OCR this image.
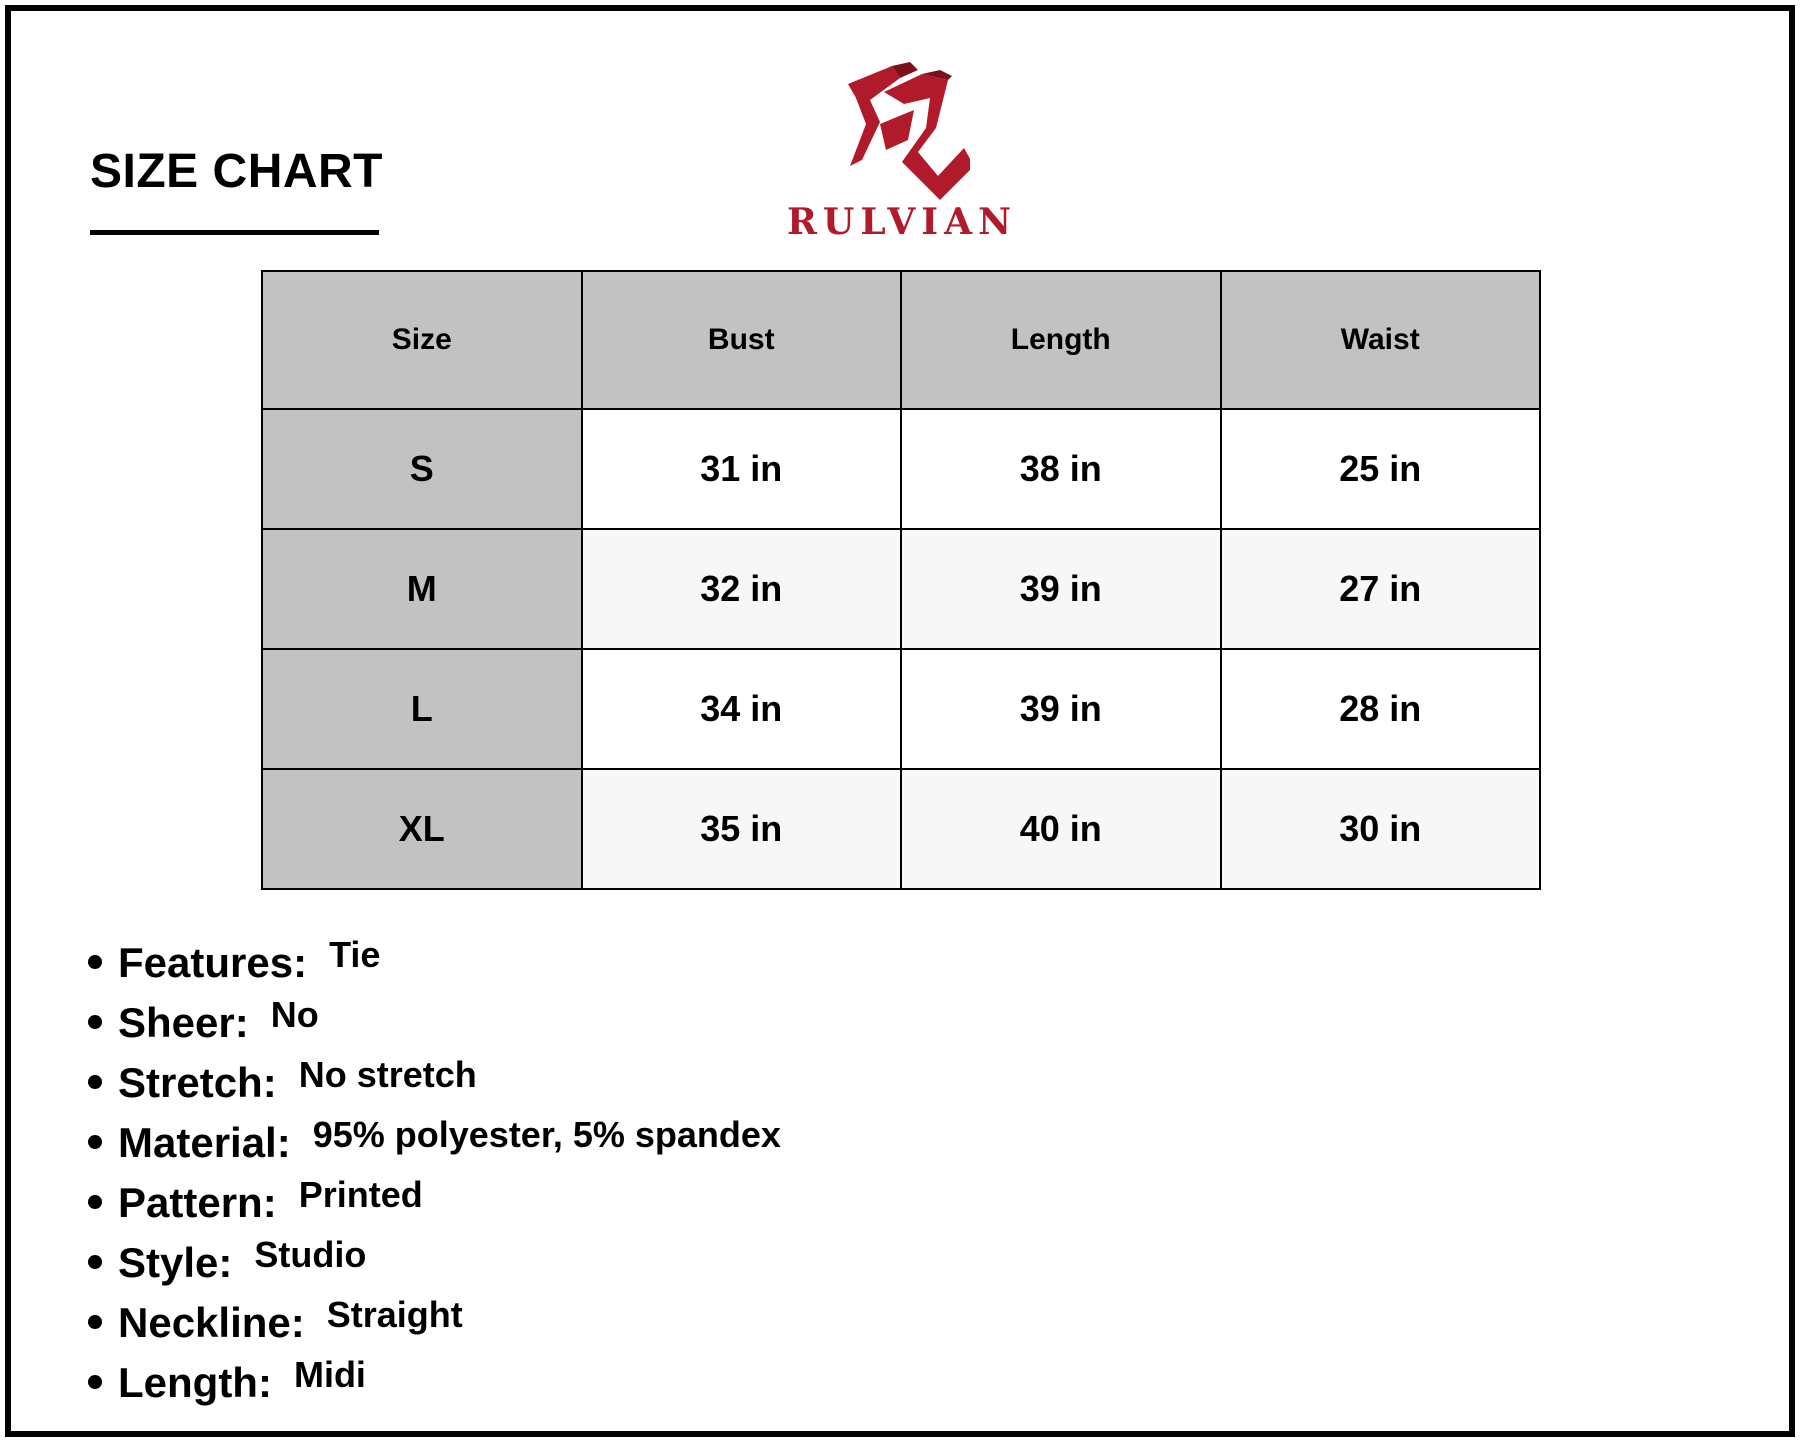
SIZE CHART
RULVIAN
Size	Bust	Length	Waist
S	31 in	38 in	25 in
M	32 in	39 in	27 in
L	34 in	39 in	28 in
XL	35 in	40 in	30 in
Features: Tie
Sheer: No
Stretch: No stretch
Material: 95% polyester, 5% spandex
Pattern: Printed
Style: Studio
Neckline: Straight
Length: Midi
